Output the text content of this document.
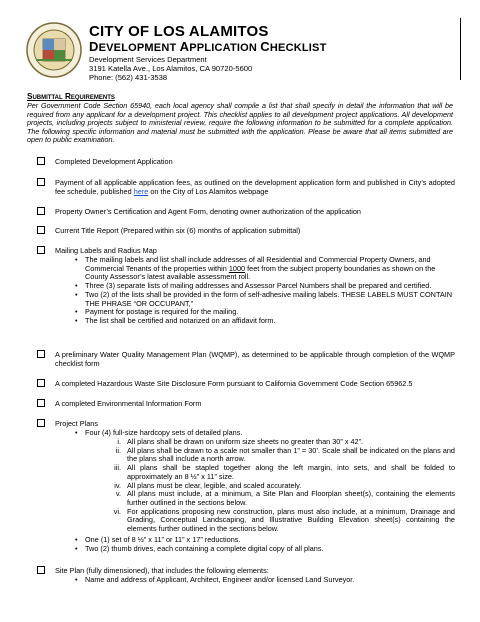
CITY OF LOS ALAMITOS
DEVELOPMENT APPLICATION CHECKLIST
Development Services Department
3191 Katella Ave., Los Alamitos, CA 90720-5600
Phone: (562) 431-3538
Submittal Requirements
Per Government Code Section 65940, each local agency shall compile a list that shall specify in detail the information that will be required from any applicant for a development project. This checklist applies to all development project applications. All development projects, including projects subject to ministerial review, require the following information to be submitted for a complete application. The following specific information and material must be submitted with the application. Please be aware that all items submitted are open to public examination.
Completed Development Application
Payment of all applicable application fees, as outlined on the development application form and published in City’s adopted fee schedule, published here on the City of Los Alamitos webpage
Property Owner’s Certification and Agent Form, denoting owner authorization of the application
Current Title Report (Prepared within six (6) months of application submittal)
Mailing Labels and Radius Map
• The mailing labels and list shall include addresses of all Residential and Commercial Property Owners, and Commercial Tenants of the properties within 1000 feet from the subject property boundaries as shown on the County Assessor’s latest available assessment roll.
• Three (3) separate lists of mailing addresses and Assessor Parcel Numbers shall be prepared and certified.
• Two (2) of the lists shall be provided in the form of self-adhesive mailing labels. THESE LABELS MUST CONTAIN THE PHRASE “OR OCCUPANT,”
• Payment for postage is required for the mailing.
• The list shall be certified and notarized on an affidavit form.
A preliminary Water Quality Management Plan (WQMP), as determined to be applicable through completion of the WQMP checklist form
A completed Hazardous Waste Site Disclosure Form pursuant to California Government Code Section 65962.5
A completed Environmental Information Form
Project Plans
• Four (4) full-size hardcopy sets of detailed plans.
i. All plans shall be drawn on uniform size sheets no greater than 30” x 42”.
ii. All plans shall be drawn to a scale not smaller than 1” = 30’. Scale shall be indicated on the plans and the plans shall include a north arrow.
iii. All plans shall be stapled together along the left margin, into sets, and shall be folded to approximately an 8 ½” x 11” size.
iv. All plans must be clear, legible, and scaled accurately.
v. All plans must include, at a minimum, a Site Plan and Floorplan sheet(s), containing the elements further outlined in the sections below.
vi. For applications proposing new construction, plans must also include, at a minimum, Drainage and Grading, Conceptual Landscaping, and Illustrative Building Elevation sheet(s) containing the elements further outlined in the sections below.
• One (1) set of 8 ½” x 11” or 11” x 17” reductions.
• Two (2) thumb drives, each containing a complete digital copy of all plans.
Site Plan (fully dimensioned), that includes the following elements:
• Name and address of Applicant, Architect, Engineer and/or licensed Land Surveyor.
